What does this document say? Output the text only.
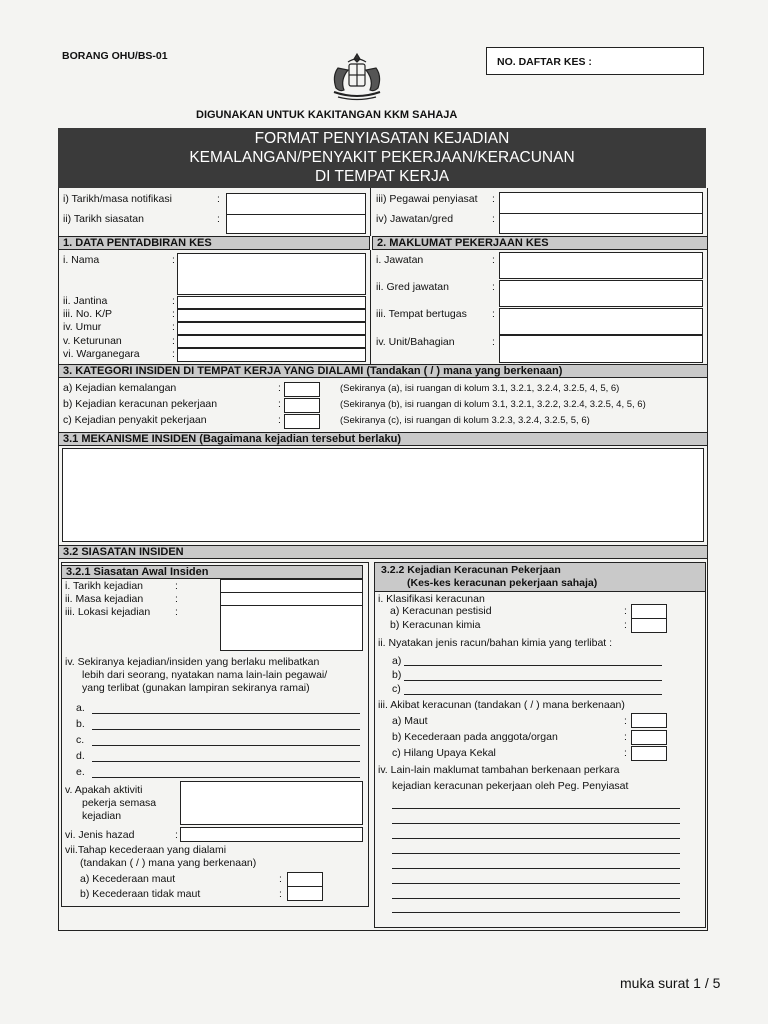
BORANG OHU/BS-01	NO. DAFTAR KES :
DIGUNAKAN UNTUK KAKITANGAN KKM SAHAJA
FORMAT PENYIASATAN KEJADIAN
KEMALANGAN/PENYAKIT PEKERJAAN/KERACUNAN
DI TEMPAT KERJA
i) Tarikh/masa notifikasi	:
ii) Tarikh siasatan	:
iii) Pegawai penyiasat :
iv) Jawatan/gred	:
1. DATA PENTADBIRAN KES	2. MAKLUMAT PEKERJAAN KES
i. Nama	:
ii. Jantina	:
iii. No. K/P	:
iv. Umur	:
v. Keturunan	:
vi. Warganegara	:
i. Jawatan	:
ii. Gred jawatan	:
iii. Tempat bertugas :
iv. Unit/Bahagian	:
3. KATEGORI INSIDEN DI TEMPAT KERJA YANG DIALAMI (Tandakan ( / ) mana yang berkenaan)
a) Kejadian kemalangan	:	(Sekiranya (a), isi ruangan di kolum 3.1, 3.2.1, 3.2.4, 3.2.5, 4, 5, 6)
b) Kejadian keracunan pekerjaan	:	(Sekiranya (b), isi ruangan di kolum 3.1, 3.2.1, 3.2.2, 3.2.4, 3.2.5, 4, 5, 6)
c) Kejadian penyakit pekerjaan	:	(Sekiranya (c), isi ruangan di kolum 3.2.3, 3.2.4, 3.2.5, 5, 6)
3.1 MEKANISME INSIDEN (Bagaimana kejadian tersebut berlaku)
3.2 SIASATAN INSIDEN
3.2.1 Siasatan Awal Insiden
i. Tarikh kejadian	:
ii. Masa kejadian	:
iii. Lokasi kejadian :
iv. Sekiranya kejadian/insiden yang berlaku melibatkan
lebih dari seorang, nyatakan nama lain-lain pegawai/
yang terlibat (gunakan lampiran sekiranya ramai)
a.
b.
c.
d.
e.
v. Apakah aktiviti
pekerja semasa
kejadian
vi. Jenis hazad	:
vii.Tahap kecederaan yang dialami
(tandakan ( / ) mana yang berkenaan)
a) Kecederaan maut	:
b) Kecederaan tidak maut	:
3.2.2 Kejadian Keracunan Pekerjaan
(Kes-kes keracunan pekerjaan sahaja)
i. Klasifikasi keracunan
a) Keracunan pestisid	:
b) Keracunan kimia	:
ii. Nyatakan jenis racun/bahan kimia yang terlibat :
a)
b)
c)
iii. Akibat keracunan (tandakan ( / ) mana berkenaan)
a) Maut	:
b) Kecederaan pada anggota/organ	:
c) Hilang Upaya Kekal	:
iv. Lain-lain maklumat tambahan berkenaan perkara
kejadian keracunan pekerjaan oleh Peg. Penyiasat
muka surat 1 / 5
